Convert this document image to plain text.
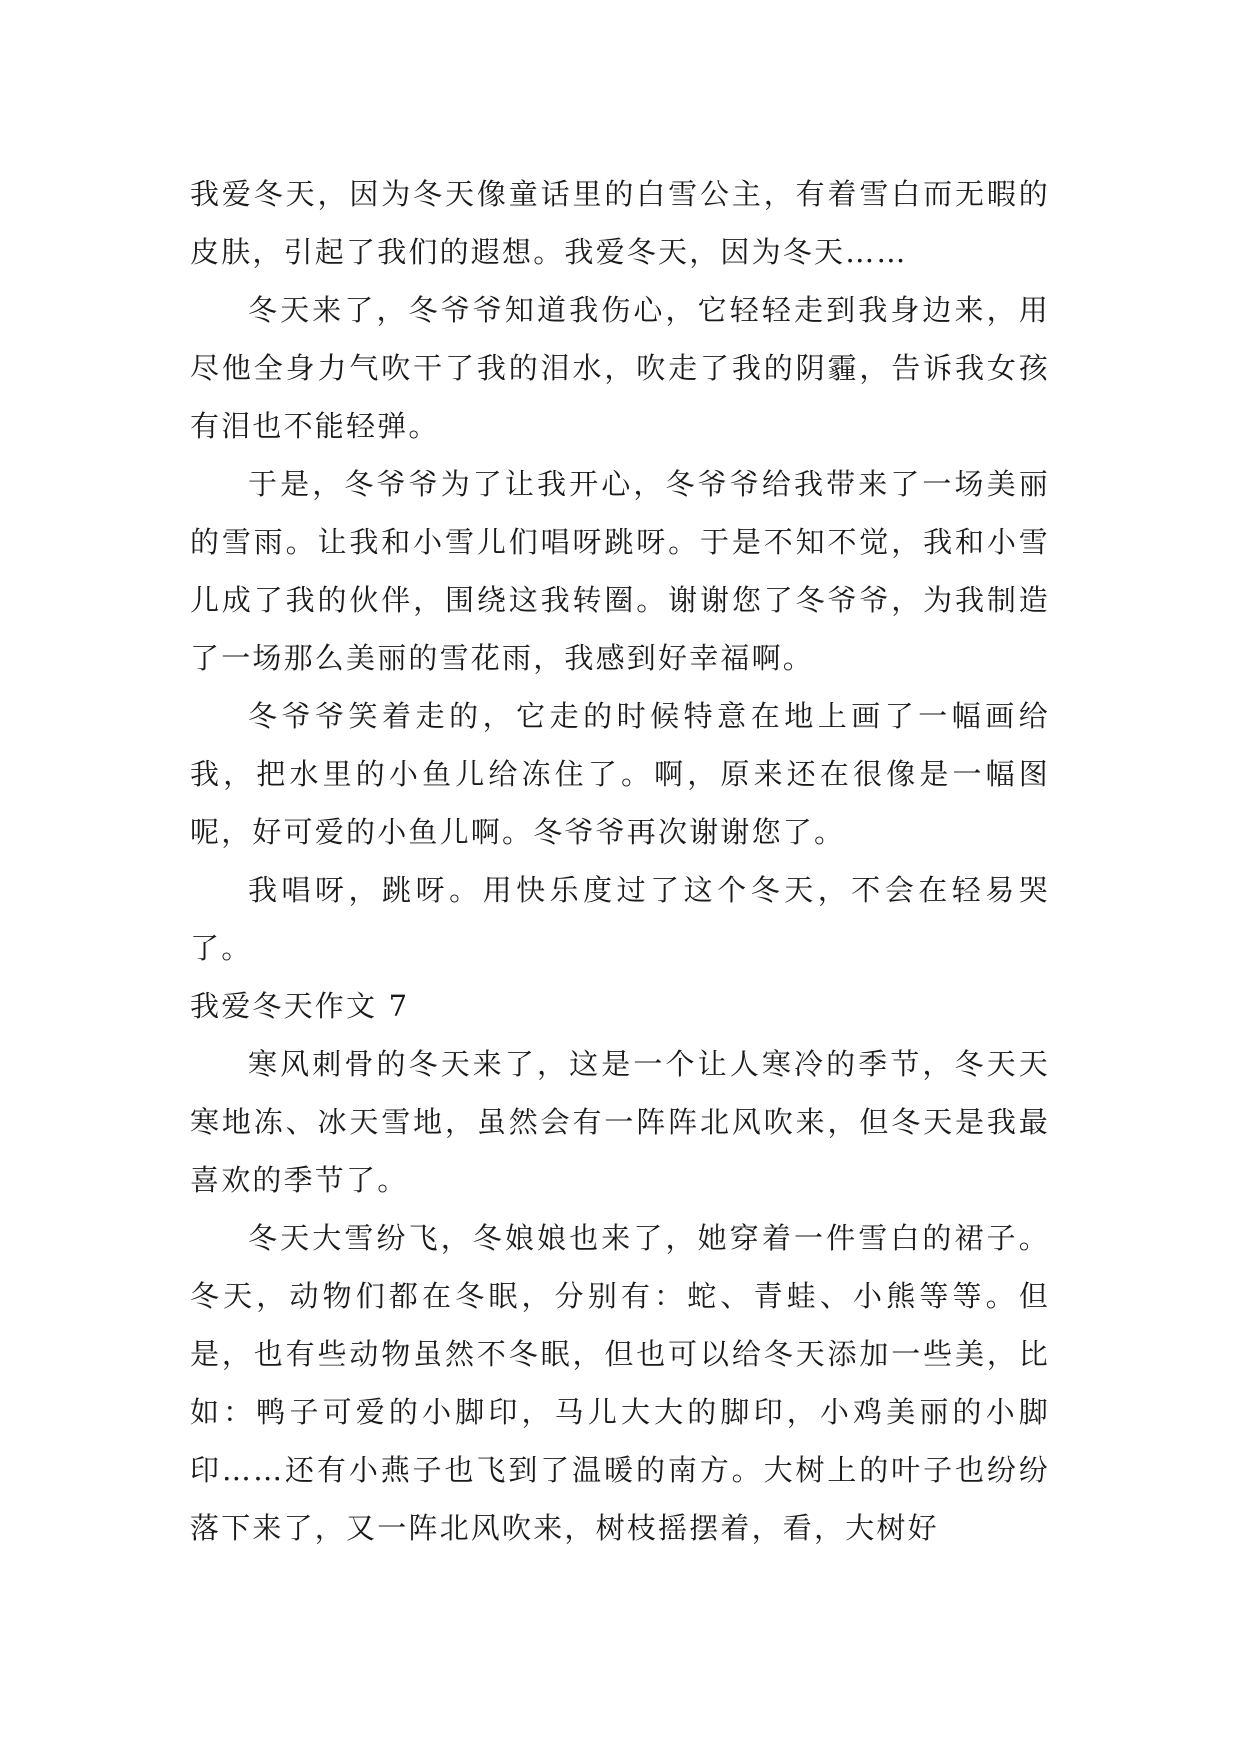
我爱冬天，因为冬天像童话里的白雪公主，有着雪白而无暇的皮肤，引起了我们的遐想。我爱冬天，因为冬天……

冬天来了，冬爷爷知道我伤心，它轻轻走到我身边来，用尽他全身力气吹干了我的泪水，吹走了我的阴霾，告诉我女孩有泪也不能轻弹。

于是，冬爷爷为了让我开心，冬爷爷给我带来了一场美丽的雪雨。让我和小雪儿们唱呀跳呀。于是不知不觉，我和小雪儿成了我的伙伴，围绕这我转圈。谢谢您了冬爷爷，为我制造了一场那么美丽的雪花雨，我感到好幸福啊。

冬爷爷笑着走的，它走的时候特意在地上画了一幅画给我，把水里的小鱼儿给冻住了。啊，原来还在很像是一幅图呢，好可爱的小鱼儿啊。冬爷爷再次谢谢您了。

我唱呀，跳呀。用快乐度过了这个冬天，不会在轻易哭了。

我爱冬天作文 7

寒风刺骨的冬天来了，这是一个让人寒冷的季节，冬天天寒地冻、冰天雪地，虽然会有一阵阵北风吹来，但冬天是我最喜欢的季节了。

冬天大雪纷飞，冬娘娘也来了，她穿着一件雪白的裙子。冬天，动物们都在冬眠，分别有：蛇、青蛙、小熊等等。但是，也有些动物虽然不冬眠，但也可以给冬天添加一些美，比如：鸭子可爱的小脚印，马儿大大的脚印，小鸡美丽的小脚印……还有小燕子也飞到了温暖的南方。大树上的叶子也纷纷落下来了，又一阵北风吹来，树枝摇摆着，看，大树好
